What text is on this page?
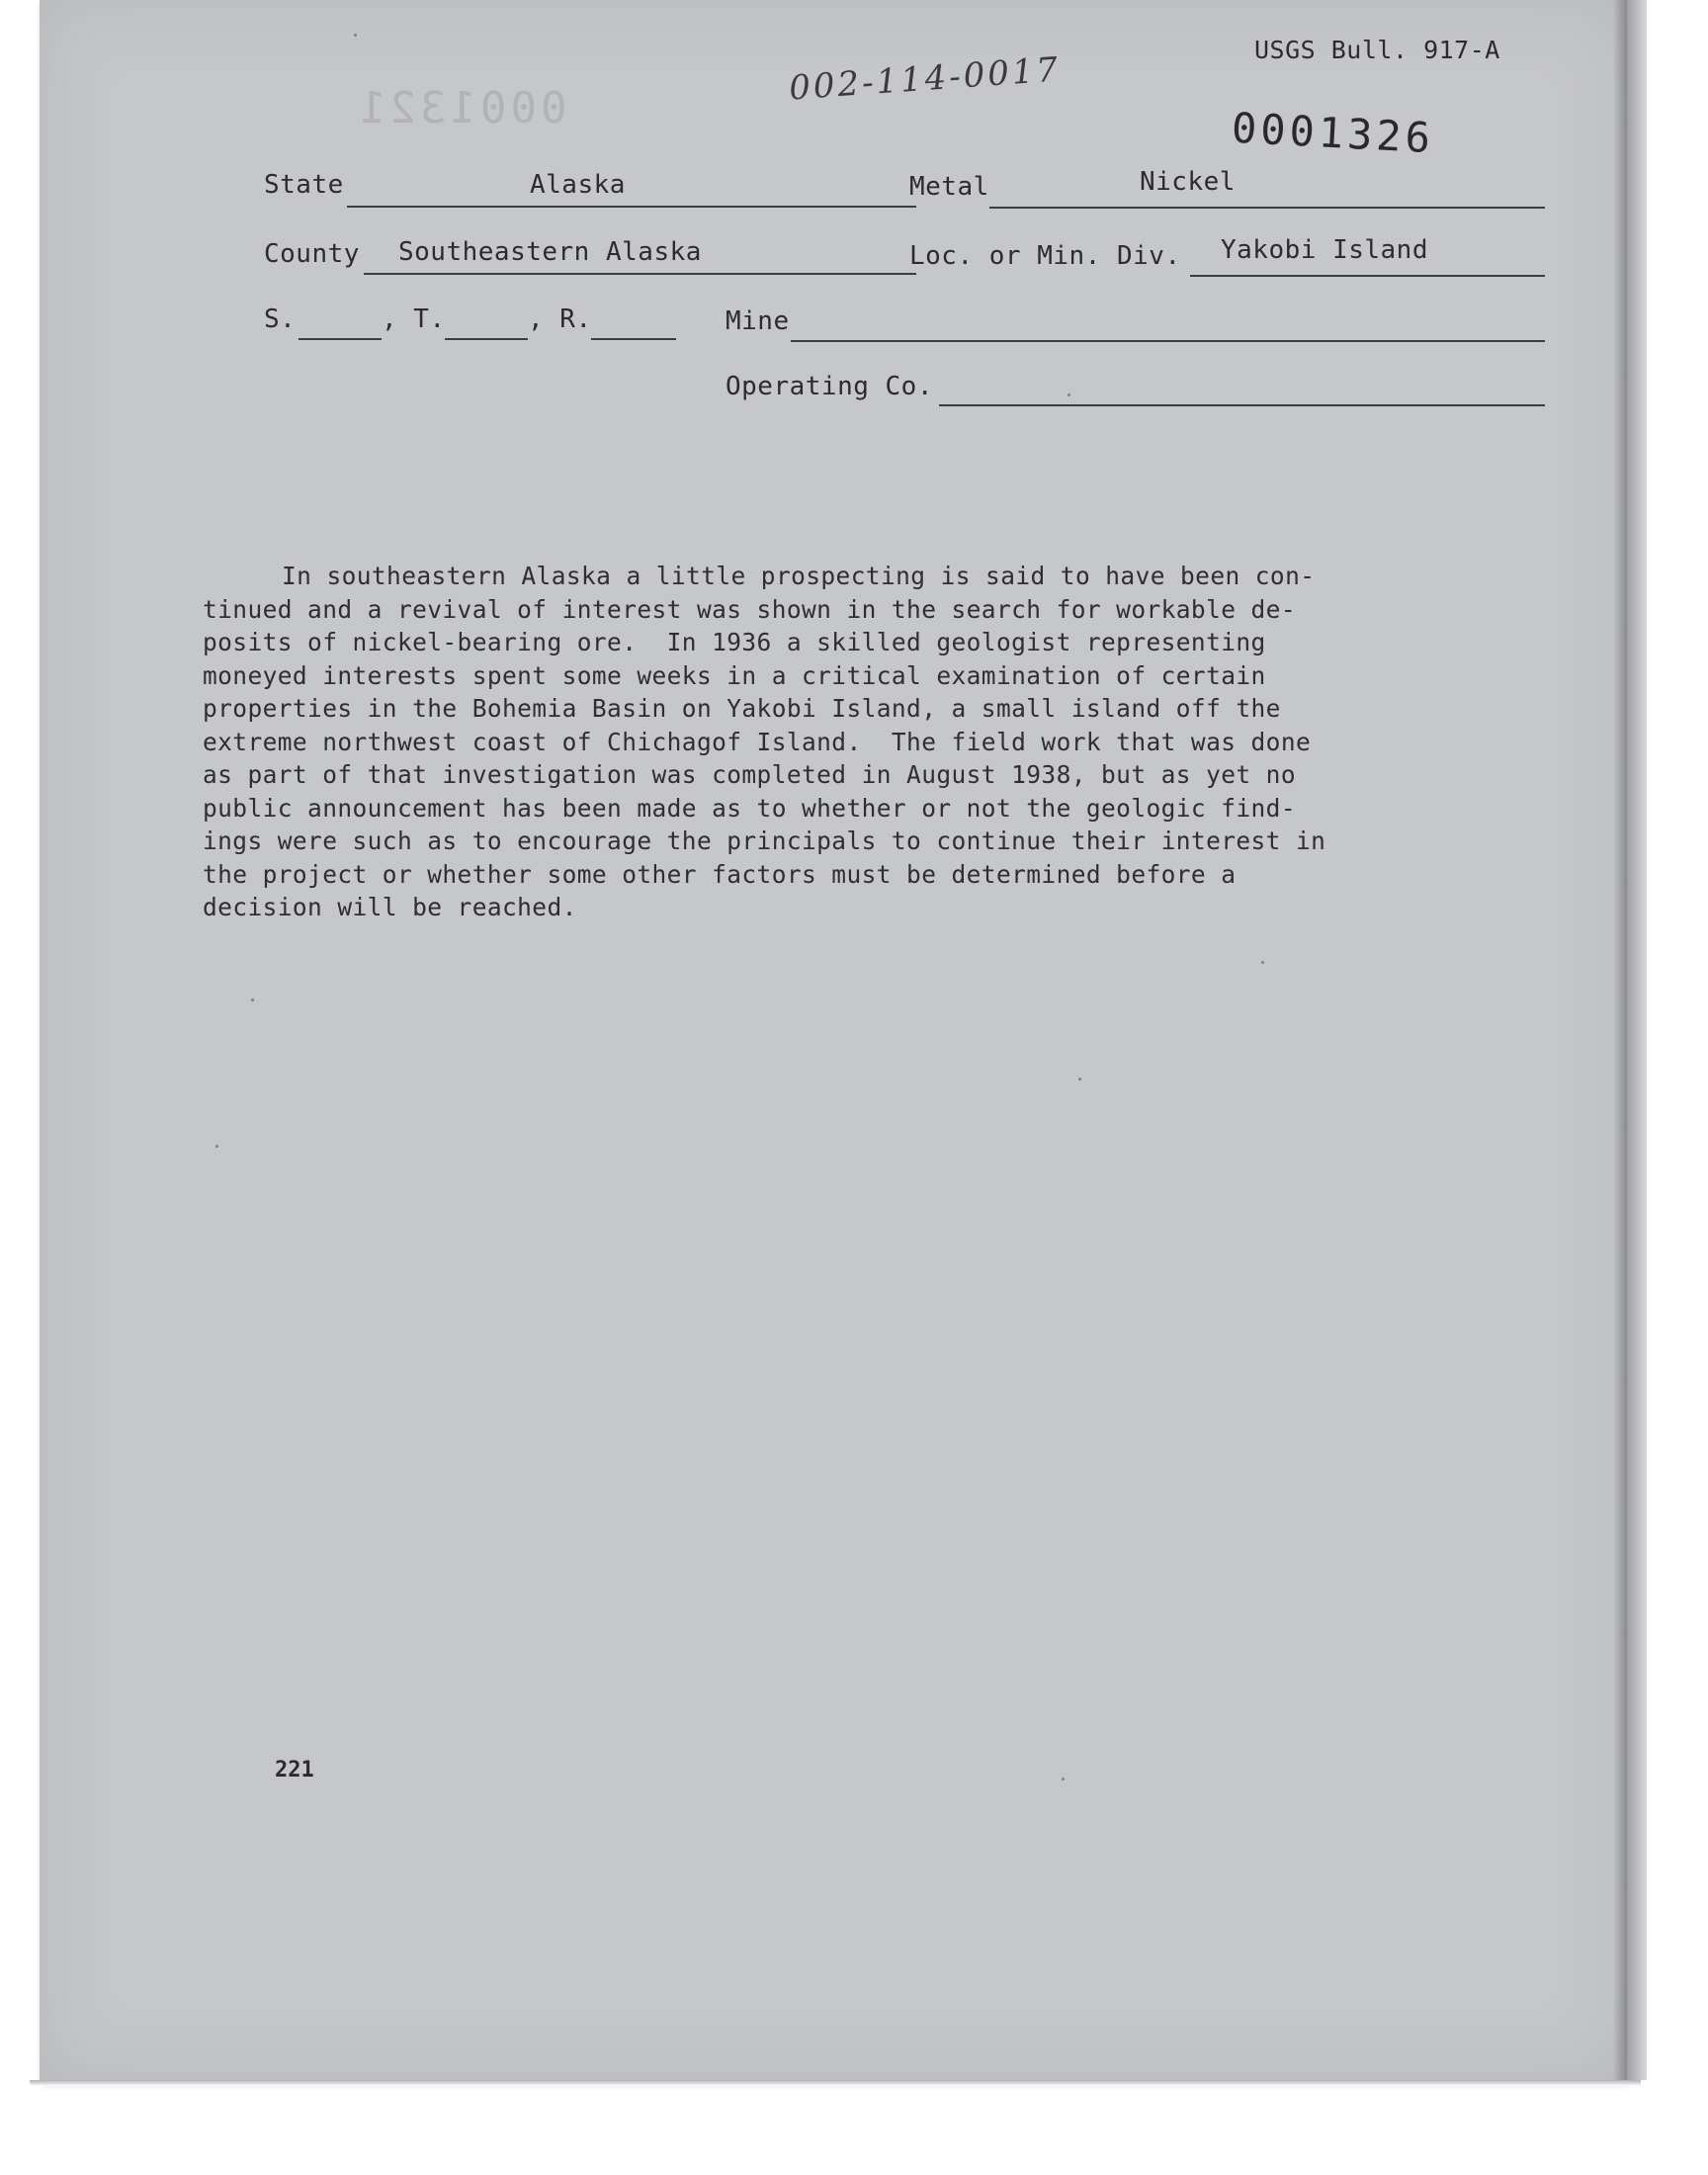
0001321
USGS Bull. 917-A
002-114-0017
0001326
State	Alaska	Metal	Nickel
County Southeastern Alaska	Loc. or Min. Div. Yakobi Island
S.	, T.	, R.	Mine
Operating Co.
In southeastern Alaska a little prospecting is said to have been con-
tinued and a revival of interest was shown in the search for workable de-
posits of nickel-bearing ore.  In 1936 a skilled geologist representing
moneyed interests spent some weeks in a critical examination of certain
properties in the Bohemia Basin on Yakobi Island, a small island off the
extreme northwest coast of Chichagof Island.  The field work that was done
as part of that investigation was completed in August 1938, but as yet no
public announcement has been made as to whether or not the geologic find-
ings were such as to encourage the principals to continue their interest in
the project or whether some other factors must be determined before a
decision will be reached.
221
